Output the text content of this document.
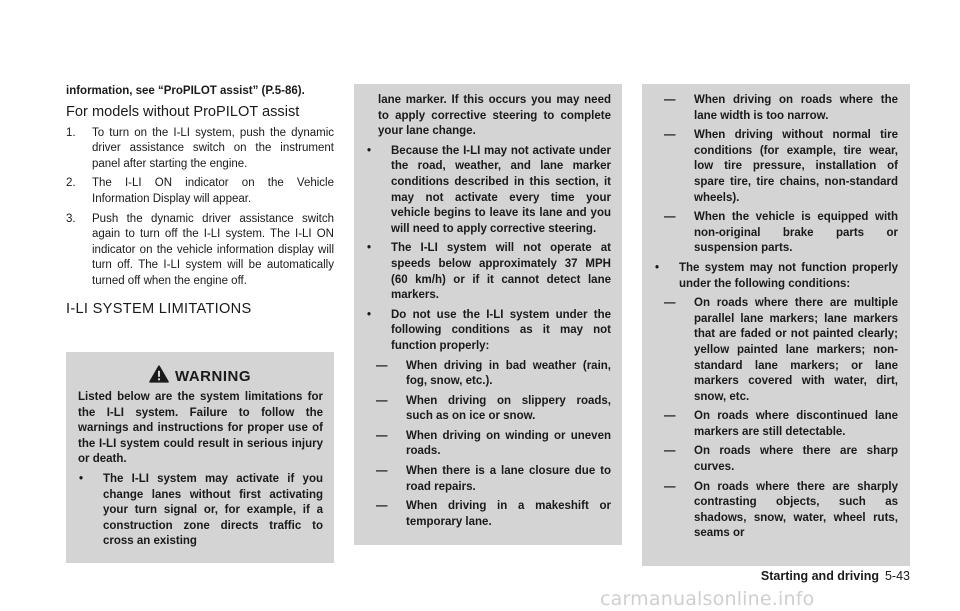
information, see “ProPILOT assist” (P.5-86).

For models without ProPILOT assist
1. To turn on the I-LI system, push the dynamic driver assistance switch on the instrument panel after starting the engine.
2. The I-LI ON indicator on the Vehicle Information Display will appear.
3. Push the dynamic driver assistance switch again to turn off the I-LI system. The I-LI ON indicator on the vehicle information display will turn off. The I-LI system will be automatically turned off when the engine off.
I-LI SYSTEM LIMITATIONS

Listed below are the system limitations for the I-LI system. Failure to follow the warnings and instructions for proper use of the I-LI system could result in serious injury or death.

• The I-LI system may activate if you change lanes without first activating your turn signal or, for example, if a construction zone directs traffic to cross an existing
WARNING

lane marker. If this occurs you may need to apply corrective steering to complete your lane change.

• Because the I-LI may not activate under the road, weather, and lane marker conditions described in this section, it may not activate every time your vehicle begins to leave its lane and you will need to apply corrective steering.
• The I-LI system will not operate at speeds below approximately 37 MPH (60 km/h) or if it cannot detect lane markers.
• Do not use the I-LI system under the following conditions as it may not function properly:
— When driving in bad weather (rain, fog, snow, etc.).
— When driving on slippery roads, such as on ice or snow.
— When driving on winding or uneven roads.
— When there is a lane closure due to road repairs.
— When driving in a makeshift or temporary lane.
— When driving on roads where the lane width is too narrow.
— When driving without normal tire conditions (for example, tire wear, low tire pressure, installation of spare tire, tire chains, non-standard wheels).
— When the vehicle is equipped with non-original brake parts or suspension parts.
• The system may not function properly under the following conditions:
— On roads where there are multiple parallel lane markers; lane markers that are faded or not painted clearly; yellow painted lane markers; non-standard lane markers; or lane markers covered with water, dirt, snow, etc.
— On roads where discontinued lane markers are still detectable.
— On roads where there are sharp curves.
— On roads where there are sharply contrasting objects, such as shadows, snow, water, wheel ruts, seams or
Starting and driving 5-43
carmanualsonline.info
